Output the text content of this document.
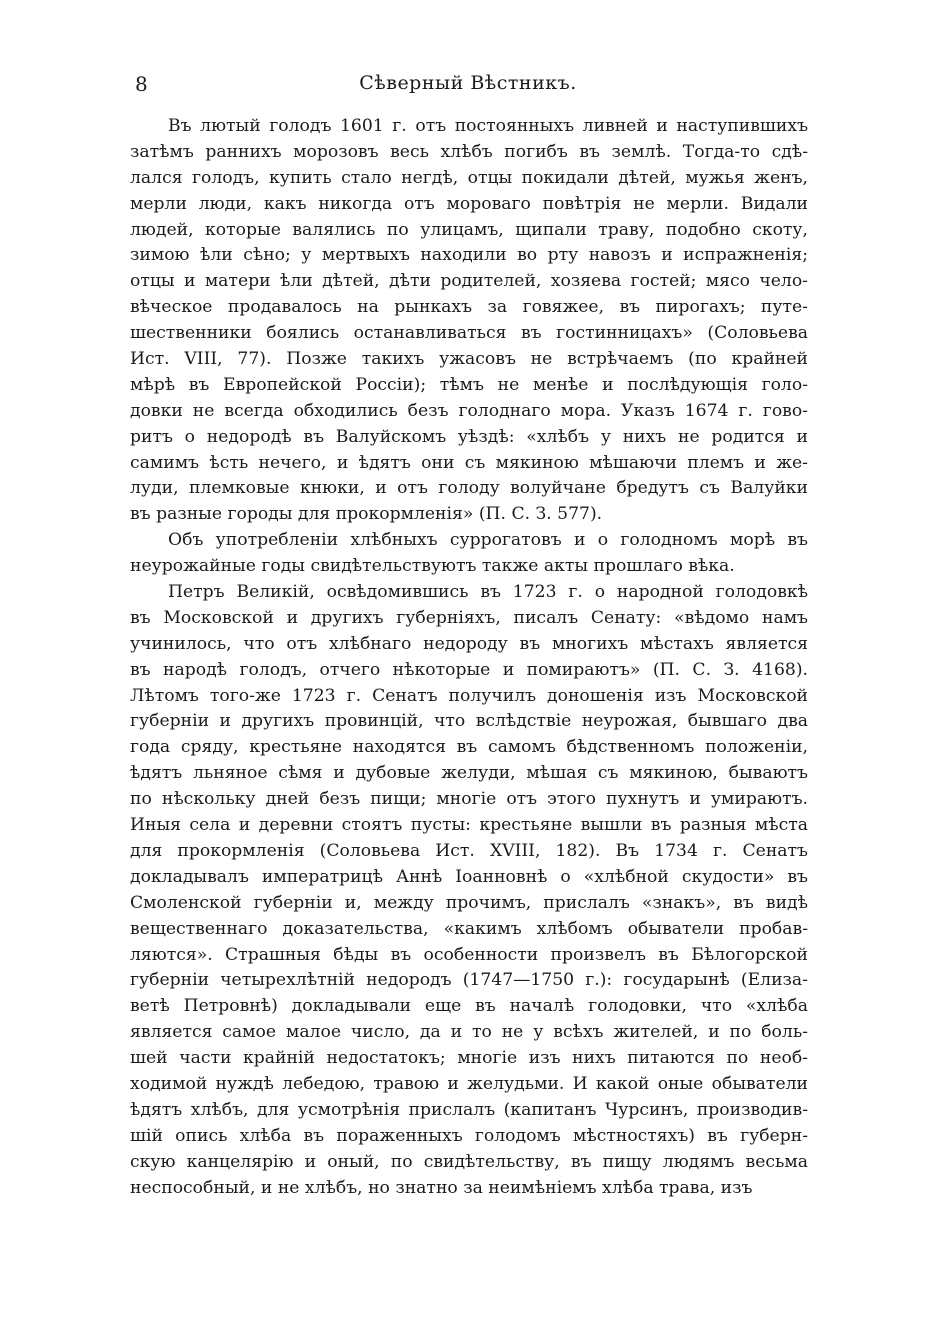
8	Сѣверный Вѣстникъ.
Въ лютый голодъ 1601 г. отъ постоянныхъ ливней и наступившихъ
затѣмъ раннихъ морозовъ весь хлѣбъ погибъ въ землѣ. Тогда-то сдѣ-
лался голодъ, купить стало негдѣ, отцы покидали дѣтей, мужья женъ,
мерли люди, какъ никогда отъ мороваго повѣтрія не мерли. Видали
людей, которые валялись по улицамъ, щипали траву, подобно скоту,
зимою ѣли сѣно; у мертвыхъ находили во рту навозъ и испражненія;
отцы и матери ѣли дѣтей, дѣти родителей, хозяева гостей; мясо чело-
вѣческое продавалось на рынкахъ за говяжее, въ пирогахъ; путе-
шественники боялись останавливаться въ гостинницахъ» (Соловьева
Ист. VIII, 77). Позже такихъ ужасовъ не встрѣчаемъ (по крайней
мѣрѣ въ Европейской Россіи); тѣмъ не менѣе и послѣдующія голо-
довки не всегда обходились безъ голоднаго мора. Указъ 1674 г. гово-
ритъ о недородѣ въ Валуйскомъ уѣздѣ: «хлѣбъ у нихъ не родится и
самимъ ѣсть нечего, и ѣдятъ они съ мякиною мѣшаючи племъ и же-
луди, племковые кнюки, и отъ голоду волуйчане бредутъ съ Валуйки
въ разные городы для прокормленія» (П. С. З. 577).
Объ употребленіи хлѣбныхъ суррогатовъ и о голодномъ морѣ въ
неурожайные годы свидѣтельствуютъ также акты прошлаго вѣка.
Петръ Великій, освѣдомившись въ 1723 г. о народной голодовкѣ
въ Московской и другихъ губерніяхъ, писалъ Сенату: «вѣдомо намъ
учинилось, что отъ хлѣбнаго недороду въ многихъ мѣстахъ является
въ народѣ голодъ, отчего нѣкоторые и помираютъ» (П. С. З. 4168).
Лѣтомъ того-же 1723 г. Сенатъ получилъ доношенія изъ Московской
губерніи и другихъ провинцій, что вслѣдствіе неурожая, бывшаго два
года сряду, крестьяне находятся въ самомъ бѣдственномъ положеніи,
ѣдятъ льняное сѣмя и дубовые желуди, мѣшая съ мякиною, бываютъ
по нѣскольку дней безъ пищи; многіе отъ этого пухнутъ и умираютъ.
Иныя села и деревни стоятъ пусты: крестьяне вышли въ разныя мѣста
для прокормленія (Соловьева Ист. XVIII, 182). Въ 1734 г. Сенатъ
докладывалъ императрицѣ Аннѣ Іоанновнѣ о «хлѣбной скудости» въ
Смоленской губерніи и, между прочимъ, прислалъ «знакъ», въ видѣ
вещественнаго доказательства, «какимъ хлѣбомъ обыватели пробав-
ляются». Страшныя бѣды въ особенности произвелъ въ Бѣлогорской
губерніи четырехлѣтній недородъ (1747—1750 г.): государынѣ (Елиза-
ветѣ Петровнѣ) докладывали еще въ началѣ голодовки, что «хлѣба
является самое малое число, да и то не у всѣхъ жителей, и по боль-
шей части крайній недостатокъ; многіе изъ нихъ питаются по необ-
ходимой нуждѣ лебедою, травою и желудьми. И какой оные обыватели
ѣдятъ хлѣбъ, для усмотрѣнія прислалъ (капитанъ Чурсинъ, производив-
шій опись хлѣба въ пораженныхъ голодомъ мѣстностяхъ) въ губерн-
скую канцелярію и оный, по свидѣтельству, въ пищу людямъ весьма
неспособный, и не хлѣбъ, но знатно за неимѣніемъ хлѣба трава, изъ
